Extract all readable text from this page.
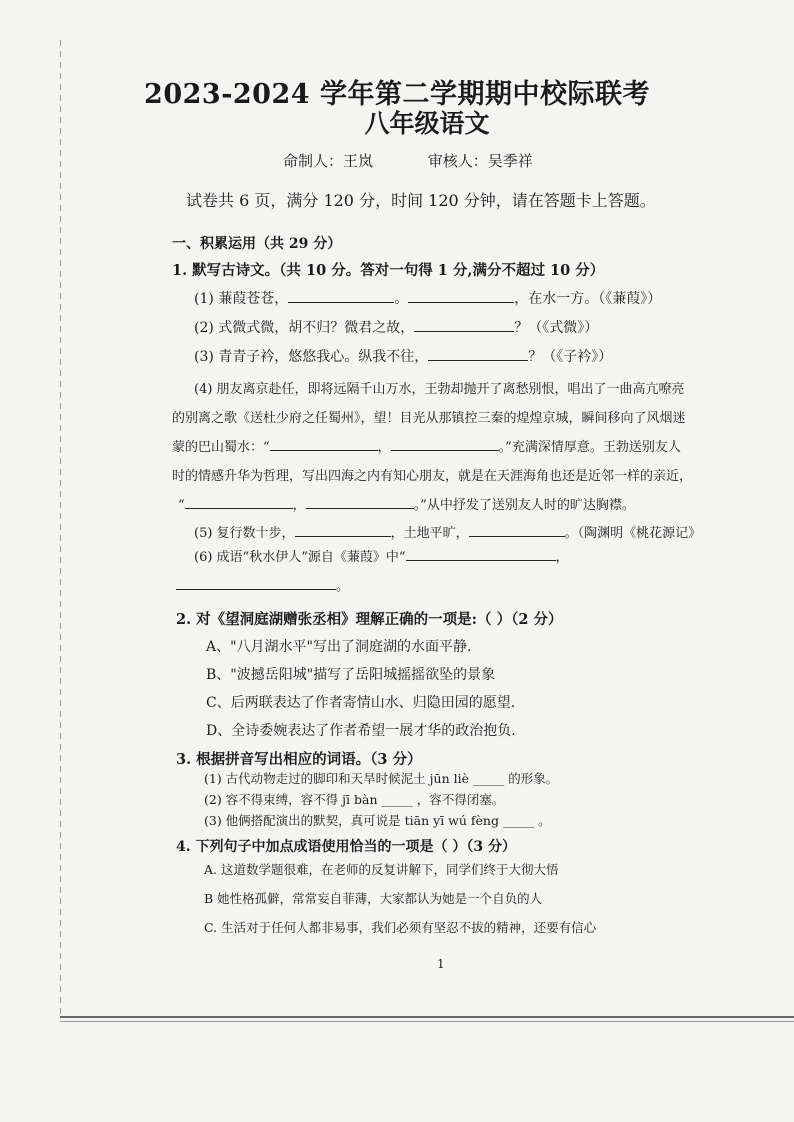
2023-2024 学年第二学期期中校际联考
八年级语文
命制人：王岚	审核人：吴季祥
试卷共 6 页，满分 120 分，时间 120 分钟，请在答题卡上答题。
一、积累运用（共 29 分）
1. 默写古诗文。（共 10 分。答对一句得 1 分,满分不超过 10 分）
(1) 蒹葭苍苍，	。	，在水一方。（《蒹葭》）
(2) 式微式微，胡不归？微君之故，	？（《式微》）
(3) 青青子衿，悠悠我心。纵我不往，	？（《子衿》）
(4) 朋友离京赴任，即将远隔千山万水，王勃却抛开了离愁别恨，唱出了一曲高亢嘹亮
的别离之歌《送杜少府之任蜀州》，望！目光从那镇控三秦的煌煌京城，瞬间移向了风烟迷
蒙的巴山蜀水：“	，	。”充满深情厚意。王勃送别友人
时的情感升华为哲理，写出四海之内有知心朋友，就是在天涯海角也还是近邻一样的亲近，
“	，	。”从中抒发了送别友人时的旷达胸襟。
(5) 复行数十步，	，土地平旷，	。（陶渊明《桃花源记》
(6) 成语“秋水伊人”源自《蒹葭》中“	，
。
2. 对《望洞庭湖赠张丞相》理解正确的一项是:（ ）（2 分）
A、"八月湖水平"写出了洞庭湖的水面平静.
B、"波撼岳阳城"描写了岳阳城摇摇欲坠的景象
C、后两联表达了作者寄情山水、归隐田园的愿望.
D、全诗委婉表达了作者希望一展才华的政治抱负.
3. 根据拼音写出相应的词语。（3 分）
(1) 古代动物走过的脚印和天旱时候泥土 jūn liè _____ 的形象。
(2) 容不得束缚，容不得 jī bàn _____ ，容不得闭塞。
(3) 他俩搭配演出的默契，真可说是 tiān yī wú fèng _____ 。
4. 下列句子中加点成语使用恰当的一项是（ ）（3 分）
A. 这道数学题很难，在老师的反复讲解下，同学们终于大彻大悟
B 她性格孤僻，常常妄自菲薄，大家都认为她是一个自负的人
C. 生活对于任何人都非易事，我们必须有坚忍不拔的精神，还要有信心
1
